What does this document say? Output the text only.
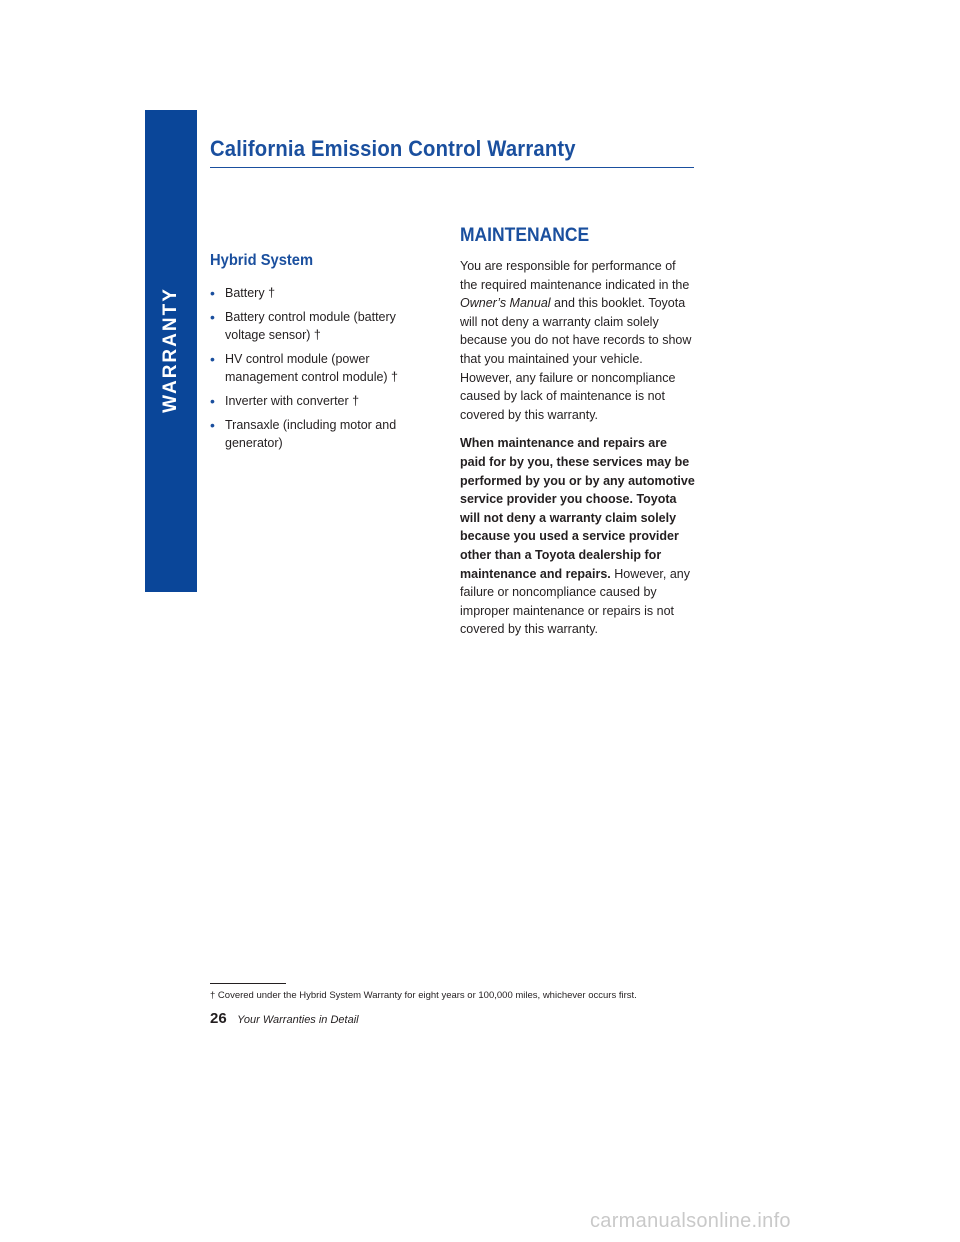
WARRANTY
California Emission Control Warranty
Hybrid System
• Battery †
• Battery control module (battery voltage sensor) †
• HV control module (power management control module) †
• Inverter with converter †
• Transaxle (including motor and generator)
MAINTENANCE

You are responsible for performance of the required maintenance indicated in the Owner’s Manual and this booklet. Toyota will not deny a warranty claim solely because you do not have records to show that you maintained your vehicle. However, any failure or noncompliance caused by lack of maintenance is not covered by this warranty.

When maintenance and repairs are paid for by you, these services may be performed by you or by any automotive service provider you choose. Toyota will not deny a warranty claim solely because you used a service provider other than a Toyota dealership for maintenance and repairs. However, any failure or noncompliance caused by improper maintenance or repairs is not covered by this warranty.

† Covered under the Hybrid System Warranty for eight years or 100,000 miles, whichever occurs first.
26 Your Warranties in Detail
carmanualsonline.info
